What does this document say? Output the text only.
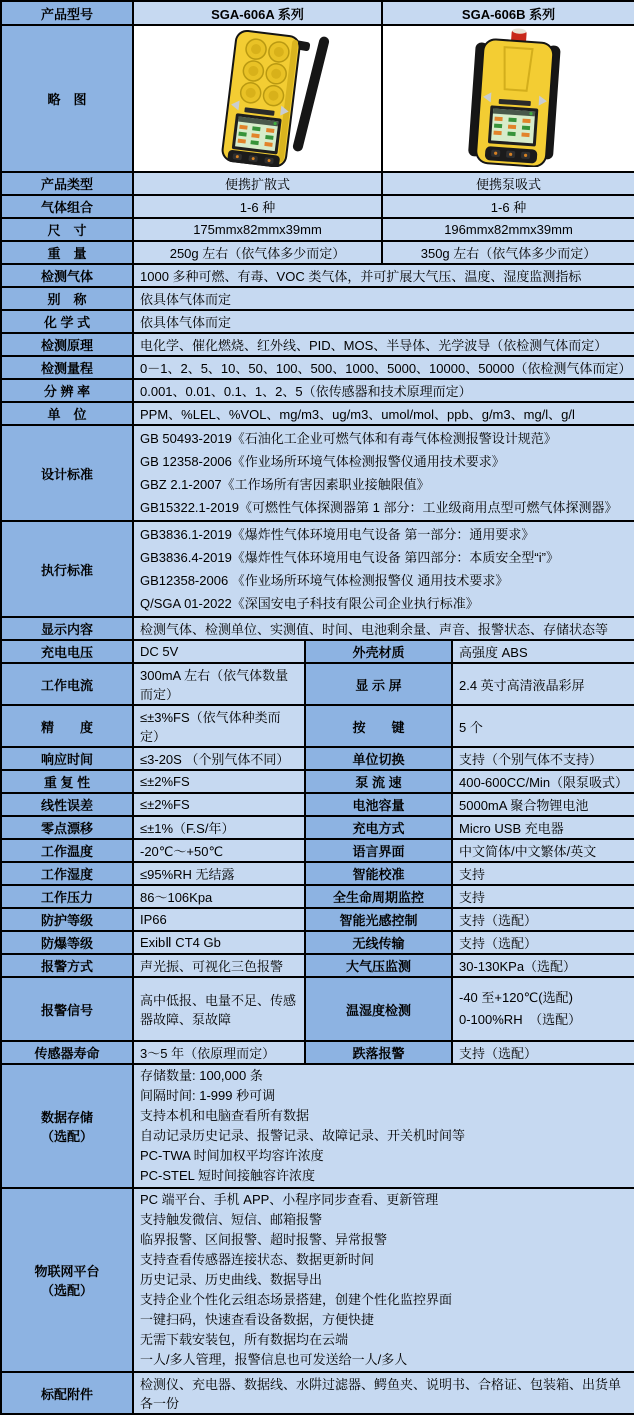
产品型号	SGA-606A 系列		SGA-606B 系列	
略　图		
产品类型	便携扩散式		便携泵吸式	
气体组合	1-6 种		1-6 种	
尺　寸	175mmx82mmx39mm		196mmx82mmx39mm	
重　量	250g 左右（依气体多少而定）		350g 左右（依气体多少而定）	
检测气体	1000 多种可燃、有毒、VOC 类气体，并可扩展大气压、温度、湿度监测指标			
别　称	依具体气体而定			
化 学 式	依具体气体而定			
检测原理	电化学、催化燃烧、红外线、PID、MOS、半导体、光学波导（依检测气体而定）			
检测量程	0－1、2、5、10、50、100、500、1000、5000、10000、50000（依检测气体而定）			
分 辨 率	0.001、0.01、0.1、1、2、5（依传感器和技术原理而定）			
单　位	PPM、%LEL、%VOL、mg/m3、ug/m3、umol/mol、ppb、g/m3、mg/l、g/l			
设计标准	GB 50493-2019《石油化工企业可燃气体和有毒气体检测报警设计规范》
GB 12358-2006《作业场所环境气体检测报警仪通用技术要求》
GBZ 2.1-2007《工作场所有害因素职业接触限值》
GB15322.1-2019《可燃性气体探测器第 1 部分：工业级商用点型可燃气体探测器》			

执行标准	GB3836.1-2019《爆炸性气体环境用电气设备 第一部分：通用要求》
GB3836.4-2019《爆炸性气体环境用电气设备 第四部分：本质安全型“i”》
GB12358-2006 《作业场所环境气体检测报警仪 通用技术要求》
Q/SGA 01-2022《深国安电子科技有限公司企业执行标准》			

显示内容	检测气体、检测单位、实测值、时间、电池剩余量、声音、报警状态、存储状态等			
充电电压	DC 5V	外壳材质		高强度 ABS
工作电流	300mA 左右（依气体数量而定）	显 示 屏		2.4 英寸高清液晶彩屏
精　　度	≤±3%FS（依气体种类而定）	按　　键		5 个
响应时间	≤3-20S （个别气体不同）	单位切换		支持（个别气体不支持）
重 复 性	≤±2%FS	泵 流 速		400-600CC/Min（限泵吸式）
线性误差	≤±2%FS	电池容量		5000mA 聚合物锂电池
零点漂移	≤±1%（F.S/年）	充电方式		Micro USB 充电器
工作温度	-20℃～+50℃	语言界面		中文简体/中文繁体/英文
工作湿度	≤95%RH 无结露	智能校准		支持
工作压力	86～106Kpa	全生命周期监控		支持
防护等级	IP66	智能光感控制		支持（选配）
防爆等级	ExibⅡ CT4 Gb	无线传输		支持（选配）
报警方式	声光振、可视化三色报警	大气压监测		30-130KPa（选配）
报警信号	高中低报、电量不足、传感器故障、泵故障	温湿度检测		-40 至+120℃(选配)
0-100%RH　（选配）

传感器寿命	3～5 年（依原理而定）	跌落报警		支持（选配）

数据存储
（选配）

存储数量: 100,000 条
间隔时间: 1-999 秒可调
支持本机和电脑查看所有数据
自动记录历史记录、报警记录、故障记录、开关机时间等
PC-TWA 时间加权平均容许浓度
PC-STEL 短时间接触容许浓度

物联网平台
（选配）

PC 端平台、手机 APP、小程序同步查看、更新管理
支持触发微信、短信、邮箱报警
临界报警、区间报警、超时报警、异常报警
支持查看传感器连接状态、数据更新时间
历史记录、历史曲线、数据导出
支持企业个性化云组态场景搭建，创建个性化监控界面
一键扫码，快速查看设备数据，方便快捷
无需下载安装包，所有数据均在云端
一人/多人管理，报警信息也可发送给一人/多人

标配附件	检测仪、充电器、数据线、水阱过滤器、鳄鱼夹、说明书、合格证、包装箱、出货单各一份			
